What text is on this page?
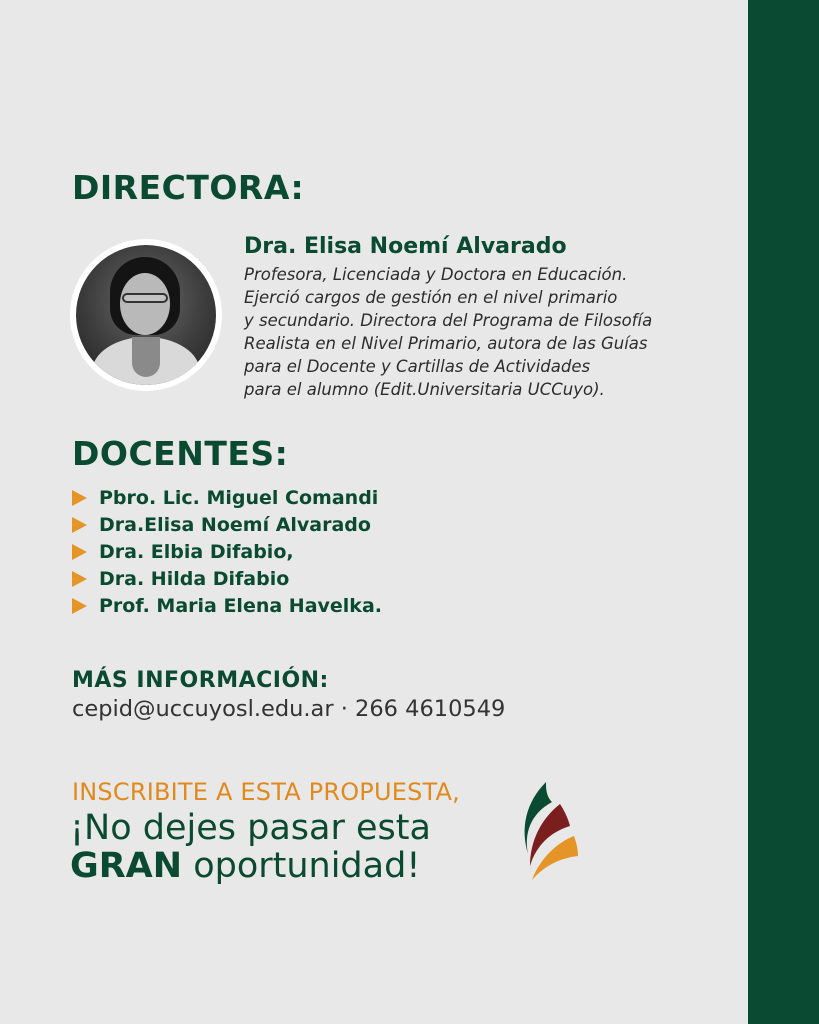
DIRECTORA:
Dra. Elisa Noemí Alvarado

Profesora, Licenciada y Doctora en Educación.
Ejerció cargos de gestión en el nivel primario
y secundario. Directora del Programa de Filosofía
Realista en el Nivel Primario, autora de las Guías
para el Docente y Cartillas de Actividades
para el alumno (Edit.Universitaria UCCuyo).

DOCENTES:
Pbro. Lic. Miguel Comandi
Dra.Elisa Noemí Alvarado
Dra. Elbia Difabio,
Dra. Hilda Difabio
Prof. Maria Elena Havelka.
MÁS INFORMACIÓN:

cepid@uccuyosl.edu.ar · 266 4610549

INSCRIBITE A ESTA PROPUESTA,

¡No dejes pasar esta

GRAN oportunidad!
